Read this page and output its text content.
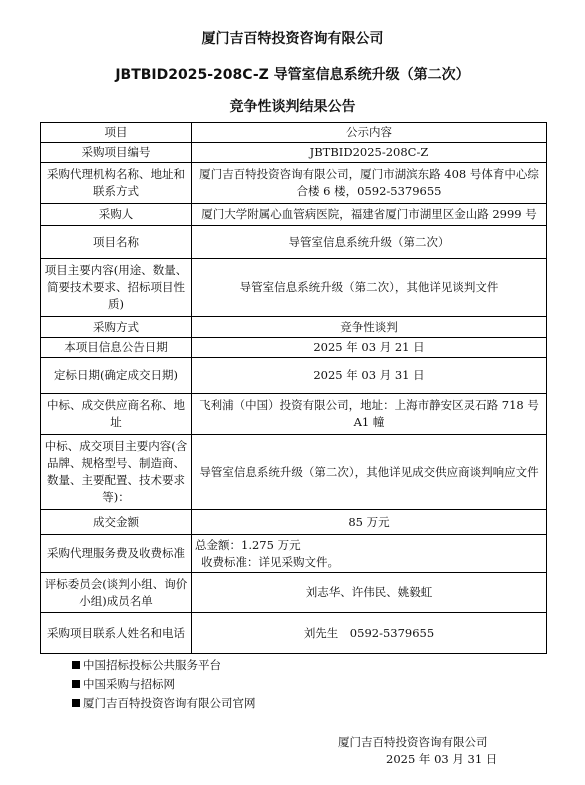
厦门吉百特投资咨询有限公司
JBTBID2025-208C-Z 导管室信息系统升级（第二次）
竞争性谈判结果公告
项目	公示内容
采购项目编号	JBTBID2025-208C-Z
采购代理机构名称、地址和联系方式	厦门吉百特投资咨询有限公司，厦门市湖滨东路 408 号体育中心综合楼 6 楼，0592-5379655
采购人	厦门大学附属心血管病医院，福建省厦门市湖里区金山路 2999 号
项目名称	导管室信息系统升级（第二次）
项目主要内容(用途、数量、简要技术要求、招标项目性质)	导管室信息系统升级（第二次），其他详见谈判文件
采购方式	竞争性谈判
本项目信息公告日期	2025 年 03 月 21 日
定标日期(确定成交日期)	2025 年 03 月 31 日
中标、成交供应商名称、地址	飞利浦（中国）投资有限公司，地址：上海市静安区灵石路 718 号 A1 幢
中标、成交项目主要内容(含品牌、规格型号、制造商、数量、主要配置、技术要求等)：	导管室信息系统升级（第二次），其他详见成交供应商谈判响应文件
成交金额	85 万元
采购代理服务费及收费标准	总金额：1.275 万元
收费标准：详见采购文件。

评标委员会(谈判小组、询价小组)成员名单	刘志华、许伟民、姚毅虹
采购项目联系人姓名和电话	刘先生　0592-5379655
中国招标投标公共服务平台
中国采购与招标网
厦门吉百特投资咨询有限公司官网
厦门吉百特投资咨询有限公司
2025 年 03 月 31 日
